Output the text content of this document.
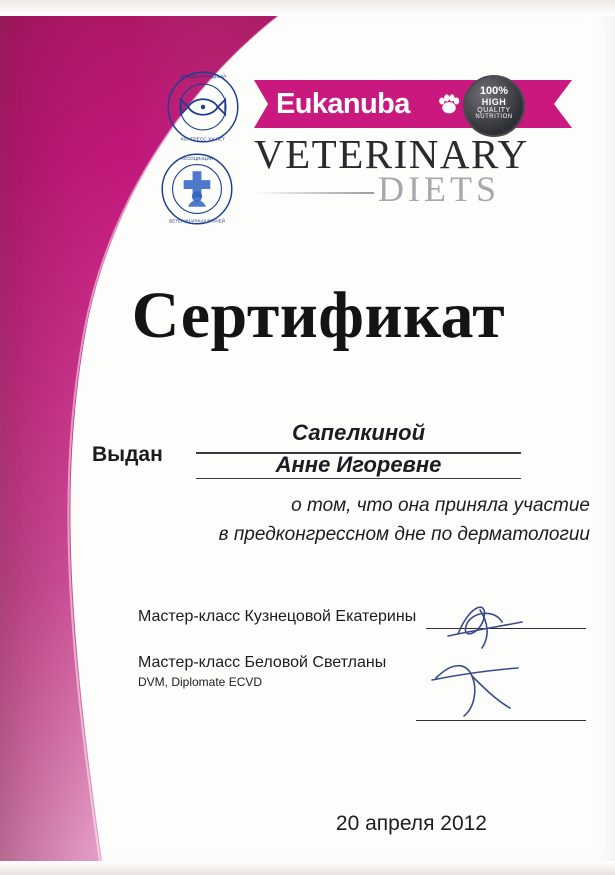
МЕЖДУНАРОДНЫЙ
КОНГРЕСС XX ЛЕТ
АССОЦИАЦИЯ
ВЕТЕРИНАРНЫХ ВРАЧЕЙ
Eukanuba	100%
HIGH
QUALITY
NUTRITION
VETERINARY
DIETS
Сертификат
Выдан
Сапелкиной
Анне Игоревне
о том, что она приняла участие
в предконгрессном дне по дерматологии
Мастер-класс Кузнецовой Екатерины
Мастер-класс Беловой Светланы
DVM, Diplomate ECVD
20 апреля 2012
